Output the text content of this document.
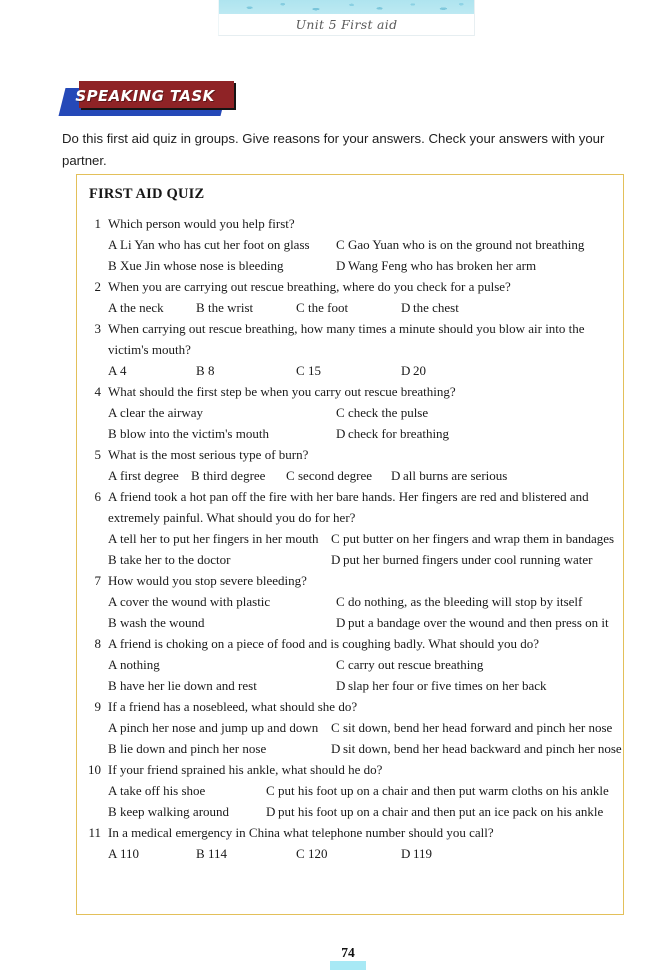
Unit 5 First aid
SPEAKING TASK
Do this first aid quiz in groups. Give reasons for your answers. Check your answers with your partner.
FIRST AID QUIZ
1 Which person would you help first?
A Li Yan who has cut her foot on glass C Gao Yuan who is on the ground not breathing
B Xue Jin whose nose is bleeding	D Wang Feng who has broken her arm
2 When you are carrying out rescue breathing, where do you check for a pulse?
A the neck B the wrist	C the foot	D the chest
3 When carrying out rescue breathing, how many times a minute should you blow air into the victim's mouth?
A 4	B 8	C 15	D 20
4 What should the first step be when you carry out rescue breathing?
A clear the airway	C check the pulse
B blow into the victim's mouth	D check for breathing
5 What is the most serious type of burn?
A first degree B third degree C second degree D all burns are serious
6 A friend took a hot pan off the fire with her bare hands. Her fingers are red and blistered and extremely painful. What should you do for her?
A tell her to put her fingers in her mouth C put butter on her fingers and wrap them in bandages
B take her to the doctor	D put her burned fingers under cool running water
7 How would you stop severe bleeding?
A cover the wound with plastic	C do nothing, as the bleeding will stop by itself
B wash the wound	D put a bandage over the wound and then press on it
8 A friend is choking on a piece of food and is coughing badly. What should you do?
A nothing	C carry out rescue breathing
B have her lie down and rest	D slap her four or five times on her back
9 If a friend has a nosebleed, what should she do?
A pinch her nose and jump up and down C sit down, bend her head forward and pinch her nose
B lie down and pinch her nose	D sit down, bend her head backward and pinch her nose
10 If your friend sprained his ankle, what should he do?
A take off his shoe	C put his foot up on a chair and then put warm cloths on his ankle
B keep walking around	D put his foot up on a chair and then put an ice pack on his ankle
11 In a medical emergency in China what telephone number should you call?
A 110	B 114	C 120	D 119
74
